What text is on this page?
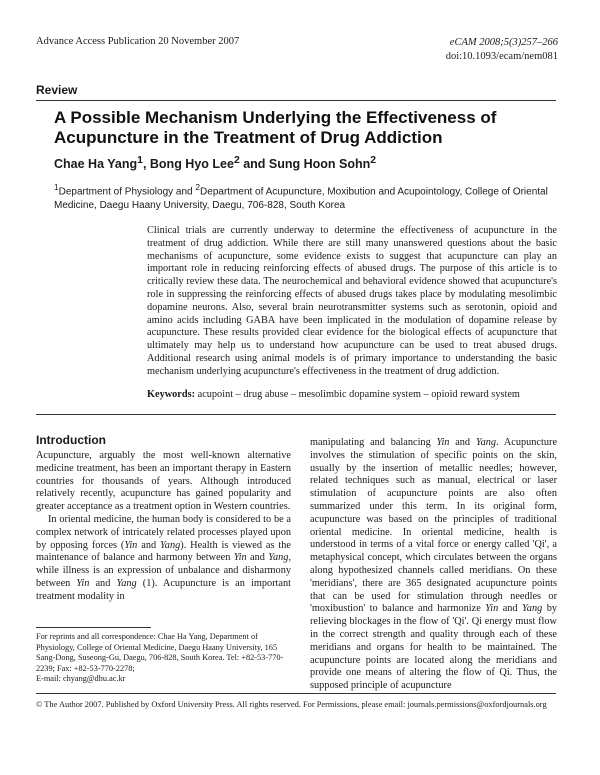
Advance Access Publication 20 November 2007	eCAM 2008;5(3)257–266
doi:10.1093/ecam/nem081
Review
A Possible Mechanism Underlying the Effectiveness of Acupuncture in the Treatment of Drug Addiction
Chae Ha Yang$^1$, Bong Hyo Lee$^2$ and Sung Hoon Sohn$^2$
$^1$Department of Physiology and $^2$Department of Acupuncture, Moxibution and Acupointology, College of Oriental Medicine, Daegu Haany University, Daegu, 706-828, South Korea
Clinical trials are currently underway to determine the effectiveness of acupuncture in the treatment of drug addiction. While there are still many unanswered questions about the basic mechanisms of acupuncture, some evidence exists to suggest that acupuncture can play an important role in reducing reinforcing effects of abused drugs. The purpose of this article is to critically review these data. The neurochemical and behavioral evidence showed that acupuncture's role in suppressing the reinforcing effects of abused drugs takes place by modulating mesolimbic dopamine neurons. Also, several brain neurotransmitter systems such as serotonin, opioid and amino acids including GABA have been implicated in the modulation of dopamine release by acupuncture. These results provided clear evidence for the biological effects of acupuncture that ultimately may help us to understand how acupuncture can be used to treat abused drugs. Additional research using animal models is of primary importance to understanding the basic mechanism underlying acupuncture's effectiveness in the treatment of drug addiction.
Keywords: acupoint – drug abuse – mesolimbic dopamine system – opioid reward system
Introduction

Acupuncture, arguably the most well-known alternative medicine treatment, has been an important therapy in Eastern countries for thousands of years. Although introduced relatively recently, acupuncture has gained popularity and greater acceptance as a treatment option in Western countries.

In oriental medicine, the human body is considered to be a complex network of intricately related processes played upon by opposing forces (Yin and Yang). Health is viewed as the maintenance of balance and harmony between Yin and Yang, while illness is an expression of unbalance and disharmony between Yin and Yang (1). Acupuncture is an important treatment modality in

manipulating and balancing Yin and Yang. Acupuncture involves the stimulation of specific points on the skin, usually by the insertion of metallic needles; however, related techniques such as manual, electrical or laser stimulation of acupuncture points are also often summarized under this term. In its original form, acupuncture was based on the principles of traditional oriental medicine. In oriental medicine, health is understood in terms of a vital force or energy called 'Qi', a metaphysical concept, which circulates between the organs along hypothesized channels called meridians. On these 'meridians', there are 365 designated acupuncture points that can be used for stimulation through needles or 'moxibustion' to balance and harmonize Yin and Yang by relieving blockages in the flow of 'Qi'. Qi energy must flow in the correct strength and quality through each of these meridians and organs for health to be maintained. The acupuncture points are located along the meridians and provide one means of altering the flow of Qi. Thus, the supposed principle of acupuncture

For reprints and all correspondence: Chae Ha Yang, Department of Physiology, College of Oriental Medicine, Daegu Haany University, 165 Sang-Dong, Suseong-Gu, Daegu, 706-828, South Korea. Tel: +82-53-770-2239; Fax: +82-53-770-2278;
E-mail: chyang@dhu.ac.kr
© The Author 2007. Published by Oxford University Press. All rights reserved. For Permissions, please email: journals.permissions@oxfordjournals.org
